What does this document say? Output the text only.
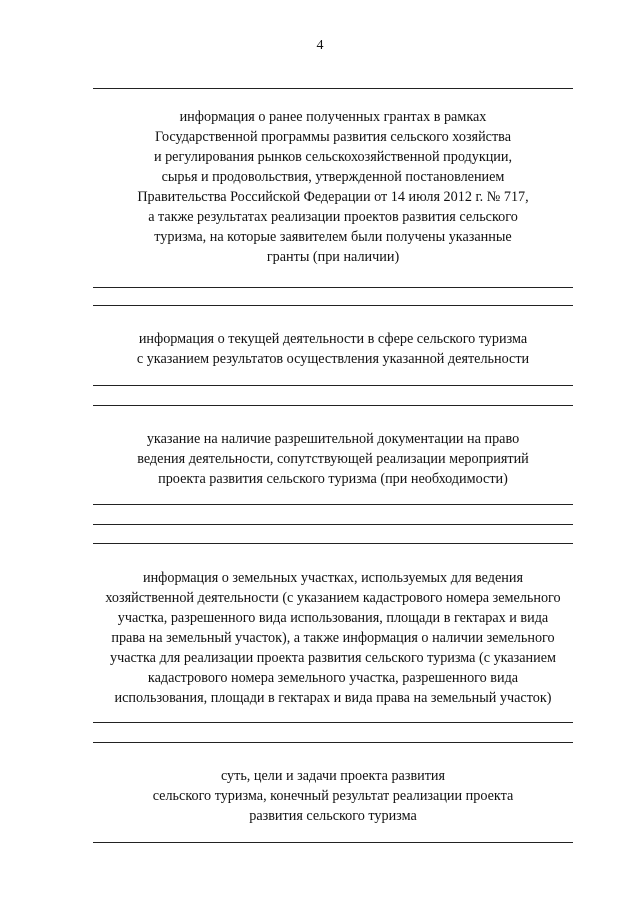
4
информация о ранее полученных грантах в рамках
Государственной программы развития сельского хозяйства
и регулирования рынков сельскохозяйственной продукции,
сырья и продовольствия, утвержденной постановлением
Правительства Российской Федерации от 14 июля 2012 г. № 717,
а также результатах реализации проектов развития сельского
туризма, на которые заявителем были получены указанные
гранты (при наличии)
информация о текущей деятельности в сфере сельского туризма
с указанием результатов осуществления указанной деятельности
указание на наличие разрешительной документации на право
ведения деятельности, сопутствующей реализации мероприятий
проекта развития сельского туризма (при необходимости)
информация о земельных участках, используемых для ведения
хозяйственной деятельности (с указанием кадастрового номера земельного
участка, разрешенного вида использования, площади в гектарах и вида
права на земельный участок), а также информация о наличии земельного
участка для реализации проекта развития сельского туризма (с указанием
кадастрового номера земельного участка, разрешенного вида
использования, площади в гектарах и вида права на земельный участок)
суть, цели и задачи проекта развития
сельского туризма, конечный результат реализации проекта
развития сельского туризма
